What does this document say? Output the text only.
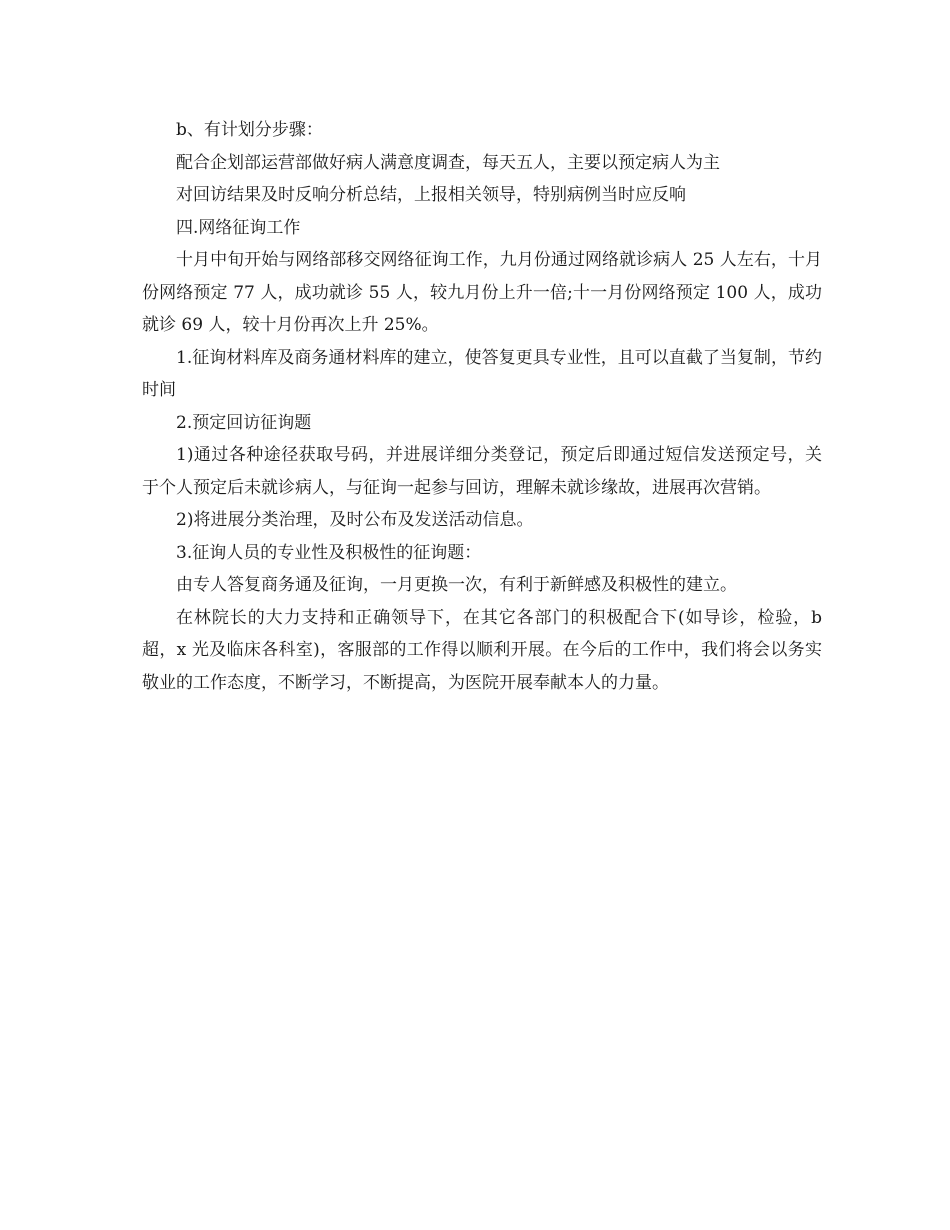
b、有计划分步骤：

配合企划部运营部做好病人满意度调查，每天五人，主要以预定病人为主

对回访结果及时反响分析总结，上报相关领导，特别病例当时应反响

四.网络征询工作

十月中旬开始与网络部移交网络征询工作，九月份通过网络就诊病人 25 人左右，十月份网络预定 77 人，成功就诊 55 人，较九月份上升一倍;十一月份网络预定 100 人，成功就诊 69 人，较十月份再次上升 25%。

1.征询材料库及商务通材料库的建立，使答复更具专业性，且可以直截了当复制，节约时间

2.预定回访征询题

1)通过各种途径获取号码，并进展详细分类登记，预定后即通过短信发送预定号，关于个人预定后未就诊病人，与征询一起参与回访，理解未就诊缘故，进展再次营销。

2)将进展分类治理，及时公布及发送活动信息。

3.征询人员的专业性及积极性的征询题：

由专人答复商务通及征询，一月更换一次，有利于新鲜感及积极性的建立。

在林院长的大力支持和正确领导下，在其它各部门的积极配合下(如导诊，检验，b 超，x 光及临床各科室)，客服部的工作得以顺利开展。在今后的工作中，我们将会以务实敬业的工作态度，不断学习，不断提高，为医院开展奉献本人的力量。
